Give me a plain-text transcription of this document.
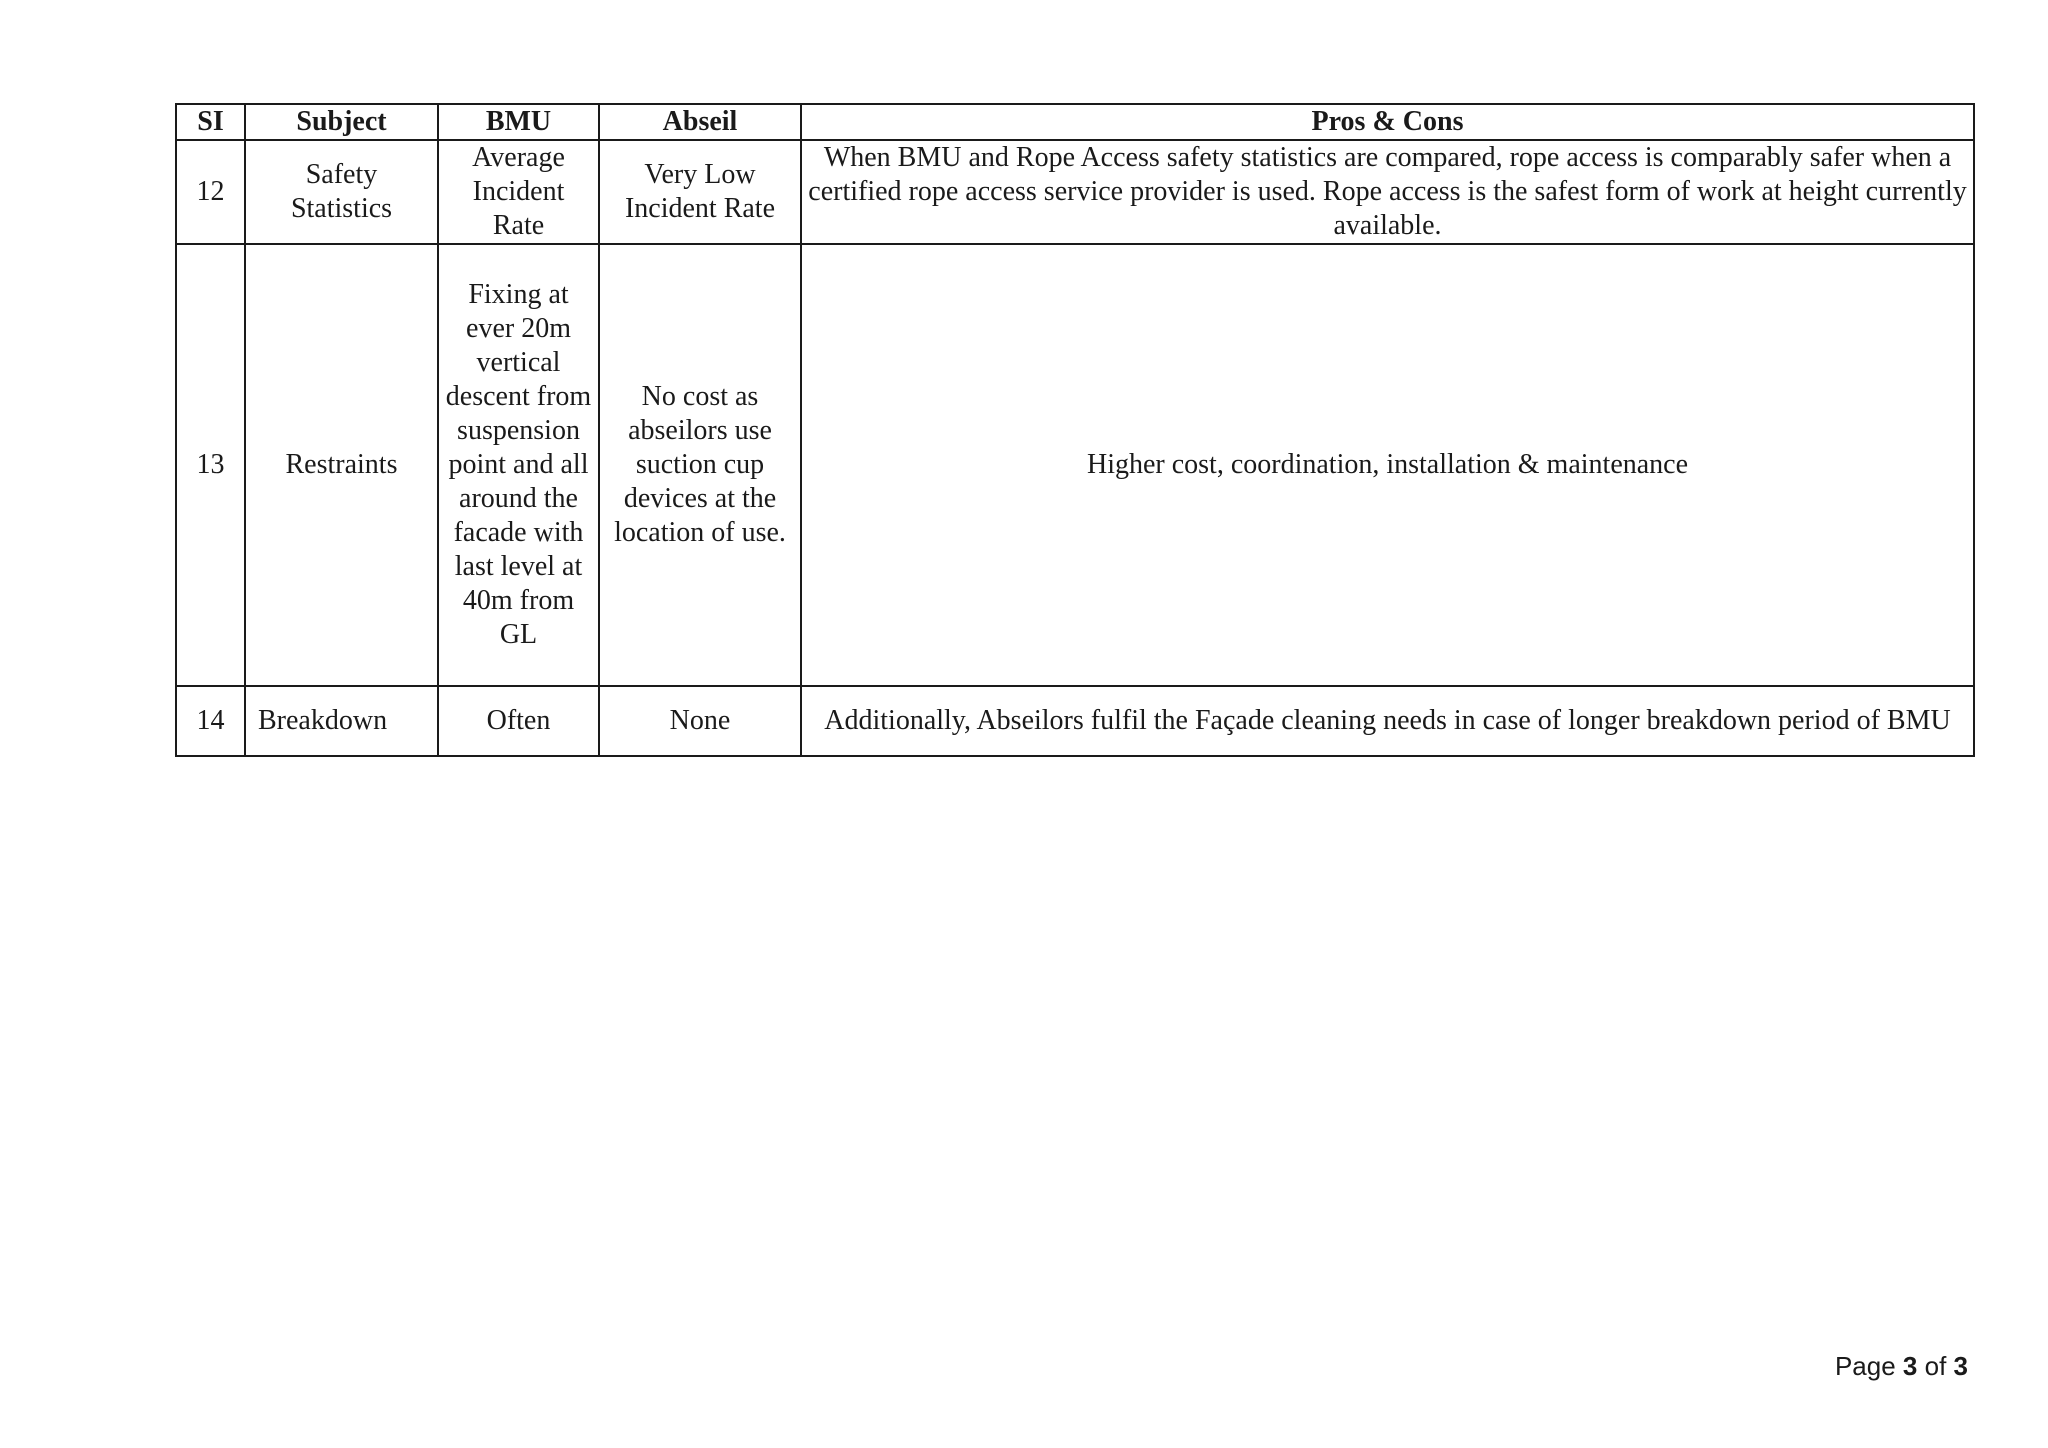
SI	Subject	BMU	Abseil	Pros & Cons
12	Safety Statistics	Average Incident Rate	Very Low Incident Rate	When BMU and Rope Access safety statistics are compared, rope access is comparably safer when a certified rope access service provider is used. Rope access is the safest form of work at height currently available.
13	Restraints	Fixing at ever 20m vertical descent from suspension point and all around the facade with last level at 40m from GL	No cost as abseilors use suction cup devices at the location of use.	Higher cost, coordination, installation & maintenance
14	Breakdown	Often	None	Additionally, Abseilors fulfil the Façade cleaning needs in case of longer breakdown period of BMU
Page 3 of 3
